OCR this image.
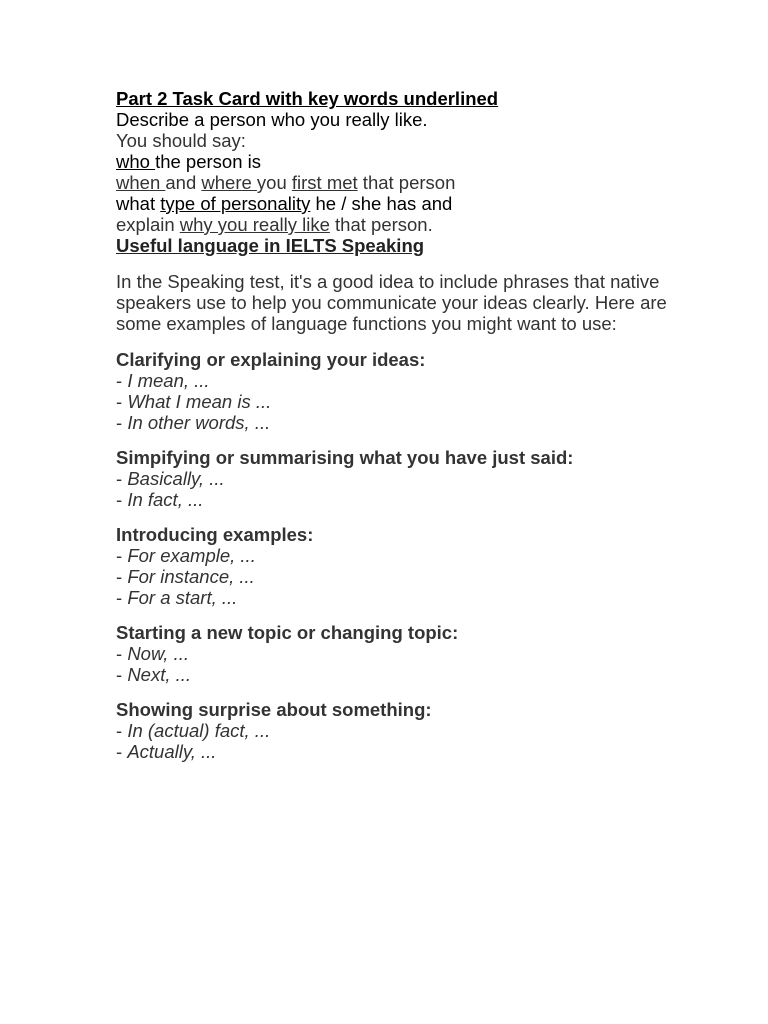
Part 2 Task Card with key words underlined

Describe a person who you really like.

You should say:

who the person is

when and where you first met that person

what type of personality he / she has and

explain why you really like that person.

Useful language in IELTS Speaking

In the Speaking test, it's a good idea to include phrases that native speakers use to help you communicate your ideas clearly. Here are some examples of language functions you might want to use:

Clarifying or explaining your ideas:

- I mean, ...

- What I mean is ...

- In other words, ...

Simpifying or summarising what you have just said:

- Basically, ...

- In fact, ...

Introducing examples:

- For example, ...

- For instance, ...

- For a start, ...

Starting a new topic or changing topic:

- Now, ...

- Next, ...

Showing surprise about something:

- In (actual) fact, ...

- Actually, ...
